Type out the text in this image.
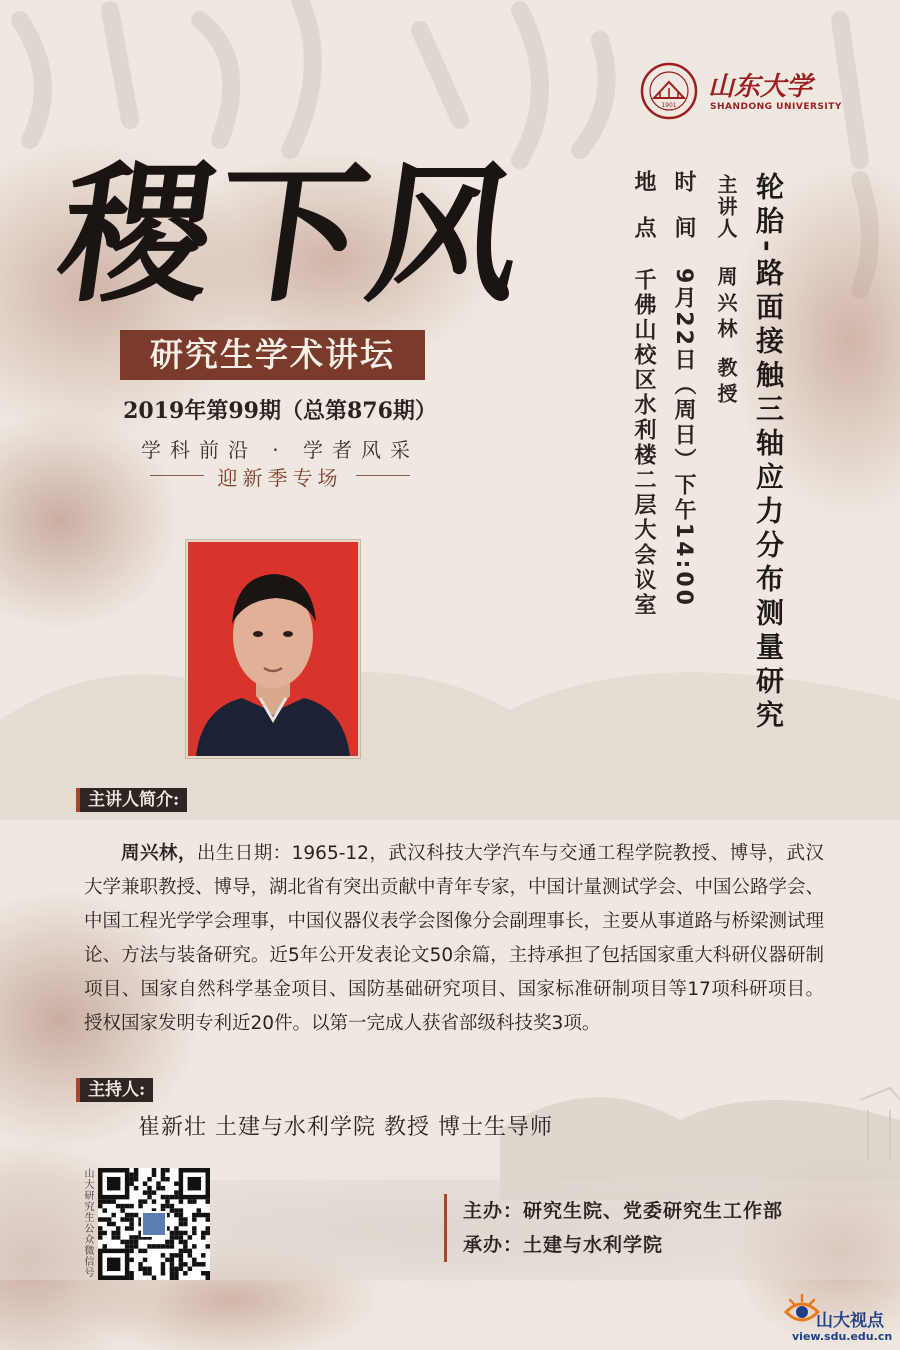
稷下风
研究生学术讲坛
2019年第99期（总第876期）
学科前沿 · 学者风采
迎新季专场
1901
山东大学
SHANDONG UNIVERSITY
轮胎-路面接触三轴应力分布测量研究
主讲人周兴林 教授
时间9月22日（周日）下午14:00
地点千佛山校区水利楼二层大会议室
主讲人简介:

周兴林，出生日期：1965-12，武汉科技大学汽车与交通工程学院教授、博导，武汉大学兼职教授、博导，湖北省有突出贡献中青年专家，中国计量测试学会、中国公路学会、中国工程光学学会理事，中国仪器仪表学会图像分会副理事长，主要从事道路与桥梁测试理论、方法与装备研究。近5年公开发表论文50余篇，主持承担了包括国家重大科研仪器研制项目、国家自然科学基金项目、国防基础研究项目、国家标准研制项目等17项科研项目。授权国家发明专利近20件。以第一完成人获省部级科技奖3项。

主持人:
崔新壮 土建与水利学院 教授 博士生导师
山大研究生公众微信号	主办：研究生院、党委研究生工作部
承办：土建与水利学院
山大视点
view.sdu.edu.cn
